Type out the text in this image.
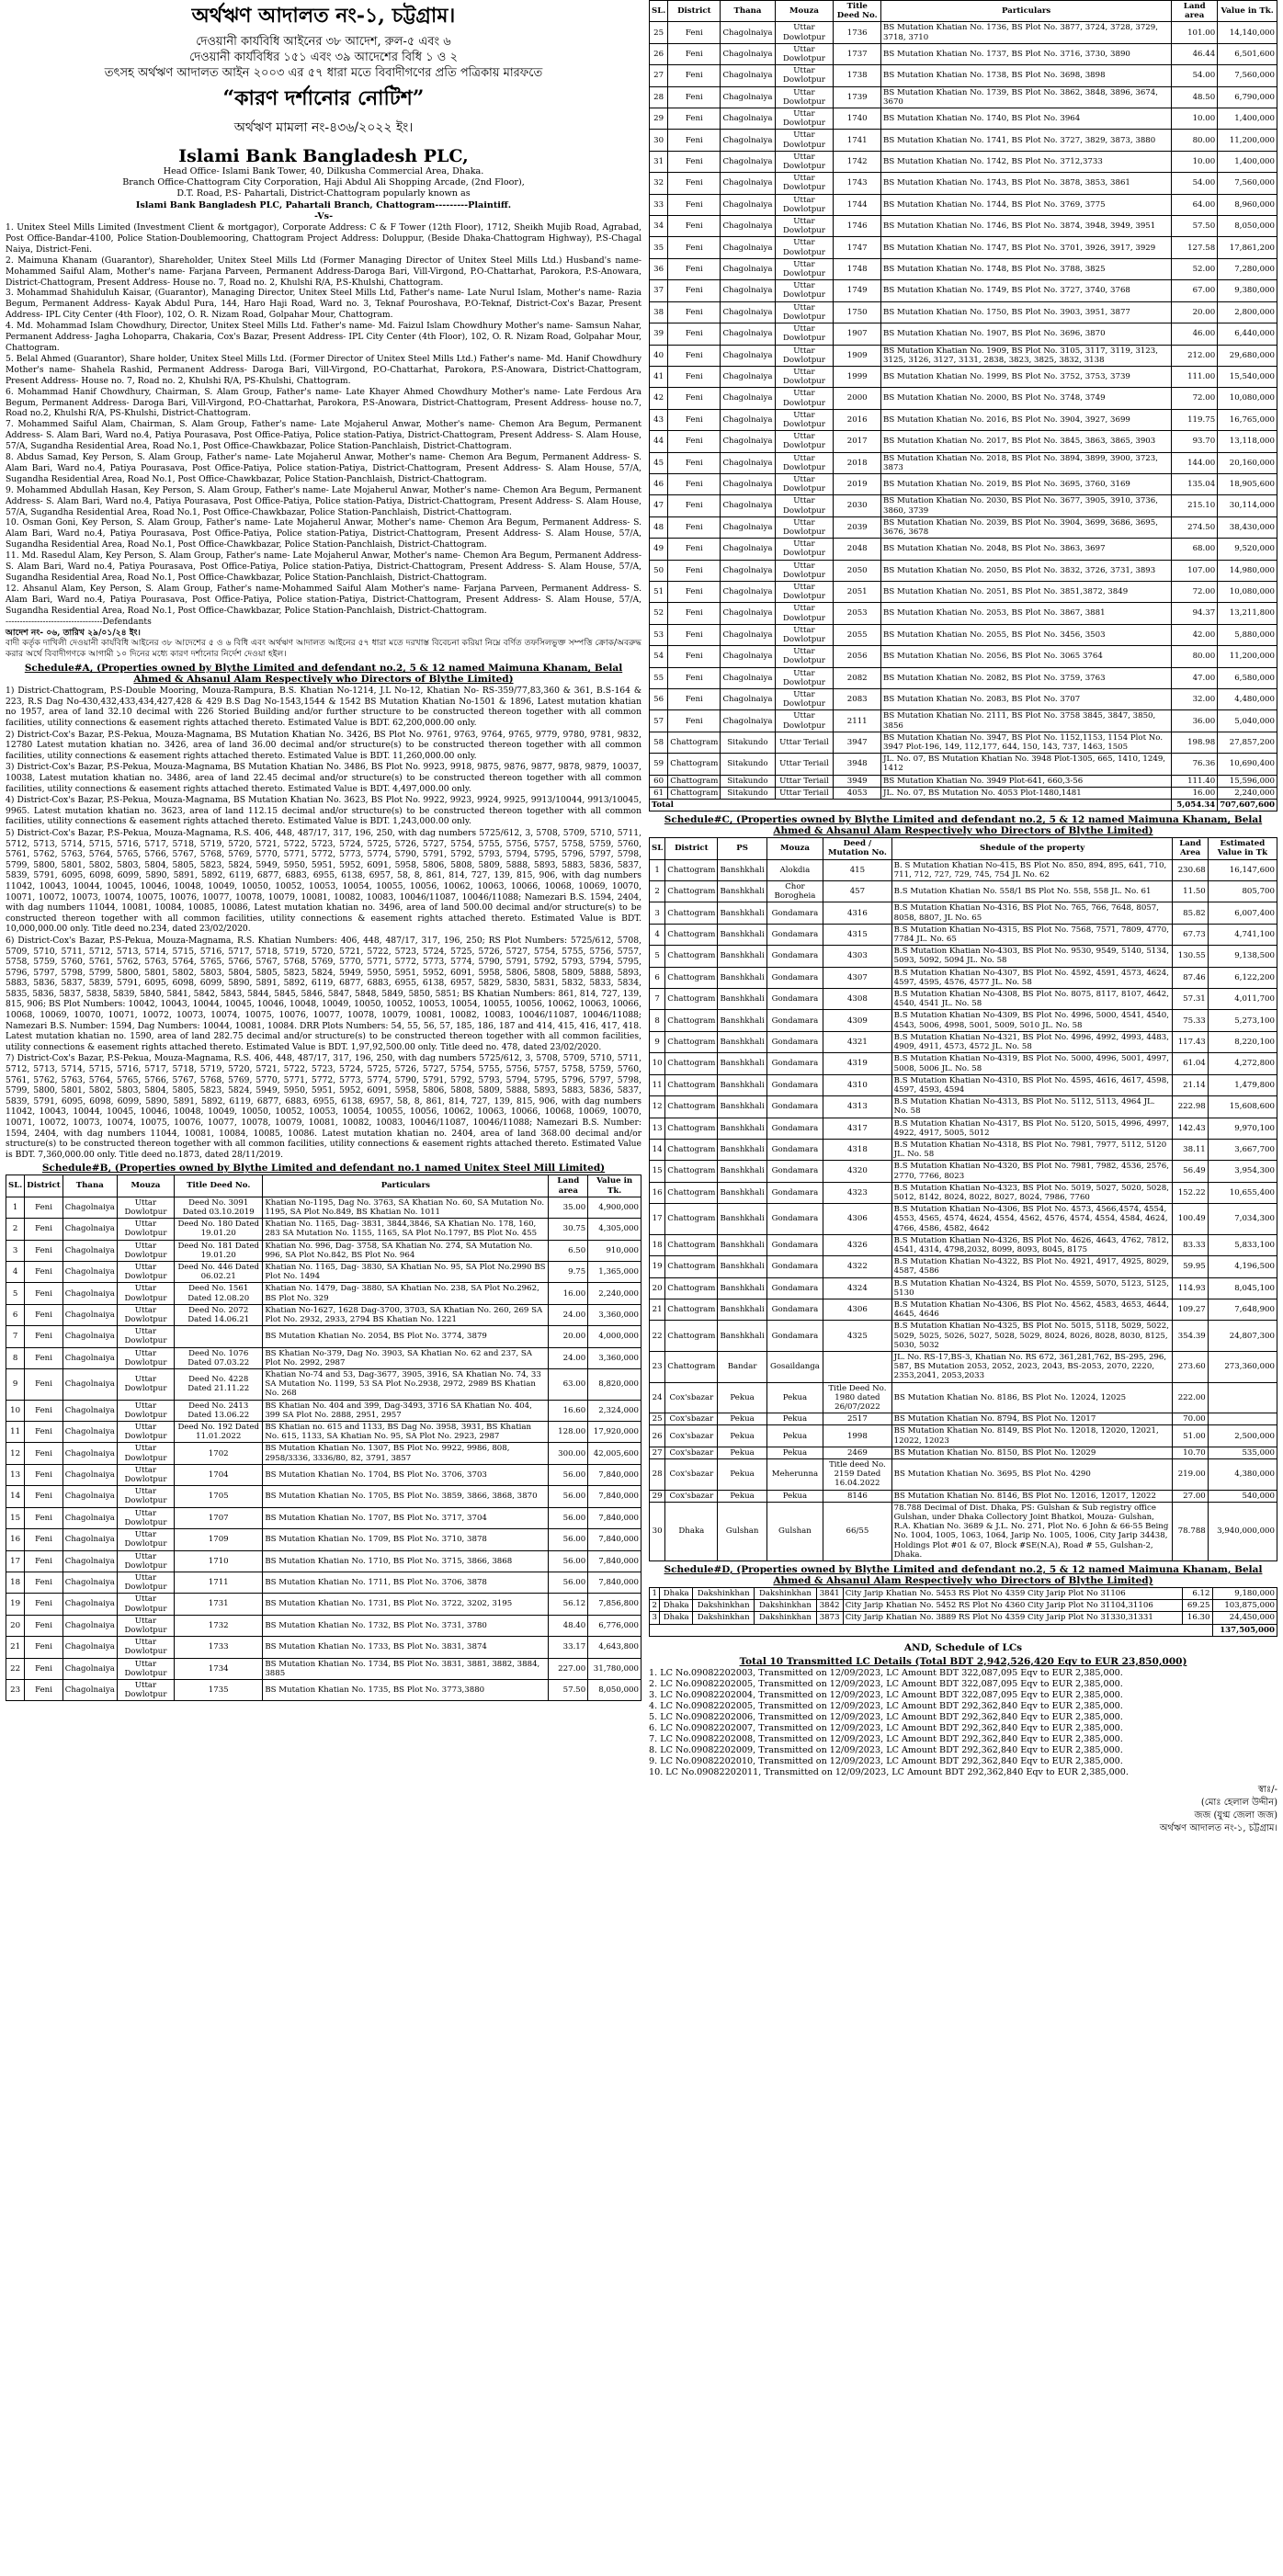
অর্থঋণ আদালত নং-১, চট্টগ্রাম।
দেওয়ানী কার্যবিধি আইনের ৩৮ আদেশ, রুল-৫ এবং ৬
দেওয়ানী কার্যবিধির ১৫১ এবং ৩৯ আদেশের বিধি ১ ও ২
তৎসহ অর্থঋণ আদালত আইন ২০০৩ এর ৫৭ ধারা মতে বিবাদীগণের প্রতি পত্রিকায় মারফতে
“কারণ দর্শানোর নোটিশ”
অর্থঋণ মামলা নং-৪৩৬/২০২২ ইং।
Islami Bank Bangladesh PLC,
Head Office- Islami Bank Tower, 40, Dilkusha Commercial Area, Dhaka.
Branch Office-Chattogram City Corporation, Haji Abdul Ali Shopping Arcade, (2nd Floor),
D.T. Road, P.S- Pahartali, District-Chattogram popularly known as
Islami Bank Bangladesh PLC, Pahartali Branch, Chattogram---------Plaintiff.
-Vs-
1. Unitex Steel Mills Limited (Investment Client & mortgagor), Corporate Address: C & F Tower (12th Floor), 1712, Sheikh Mujib Road, Agrabad, Post Office-Bandar-4100, Police Station-Doublemooring, Chattogram Project Address: Doluppur, (Beside Dhaka-Chattogram Highway), P.S-Chagal Naiya, District-Feni.
2. Maimuna Khanam (Guarantor), Shareholder, Unitex Steel Mills Ltd (Former Managing Director of Unitex Steel Mills Ltd.) Husband's name- Mohammed Saiful Alam, Mother's name- Farjana Parveen, Permanent Address-Daroga Bari, Vill-Virgond, P.O-Chattarhat, Parokora, P.S-Anowara, District-Chattogram, Present Address- House no. 7, Road no. 2, Khulshi R/A, P.S-Khulshi, Chattogram.
3. Mohammad Shahiduluh Kaisar, (Guarantor), Managing Director, Unitex Steel Mills Ltd, Father's name- Late Nurul Islam, Mother's name- Razia Begum, Permanent Address- Kayak Abdul Pura, 144, Haro Haji Road, Ward no. 3, Teknaf Pouroshava, P.O-Teknaf, District-Cox's Bazar, Present Address- IPL City Center (4th Floor), 102, O. R. Nizam Road, Golpahar Mour, Chattogram.
4. Md. Mohammad Islam Chowdhury, Director, Unitex Steel Mills Ltd. Father's name- Md. Faizul Islam Chowdhury Mother's name- Samsun Nahar, Permanent Address- Jagha Lohoparra, Chakaria, Cox's Bazar, Present Address- IPL City Center (4th Floor), 102, O. R. Nizam Road, Golpahar Mour, Chattogram.
5. Belal Ahmed (Guarantor), Share holder, Unitex Steel Mills Ltd. (Former Director of Unitex Steel Mills Ltd.) Father's name- Md. Hanif Chowdhury Mother's name- Shahela Rashid, Permanent Address- Daroga Bari, Vill-Virgond, P.O-Chattarhat, Parokora, P.S-Anowara, District-Chattogram, Present Address- House no. 7, Road no. 2, Khulshi R/A, PS-Khulshi, Chattogram.
6. Mohammad Hanif Chowdhury, Chairman, S. Alam Group, Father's name- Late Khayer Ahmed Chowdhury Mother's name- Late Ferdous Ara Begum, Permanent Address- Daroga Bari, Vill-Virgond, P.O-Chattarhat, Parokora, P.S-Anowara, District-Chattogram, Present Address- house no.7, Road no.2, Khulshi R/A, PS-Khulshi, District-Chattogram.
7. Mohammed Saiful Alam, Chairman, S. Alam Group, Father's name- Late Mojaherul Anwar, Mother's name- Chemon Ara Begum, Permanent Address- S. Alam Bari, Ward no.4, Patiya Pourasava, Post Office-Patiya, Police station-Patiya, District-Chattogram, Present Address- S. Alam House, 57/A, Sugandha Residential Area, Road No.1, Post Office-Chawkbazar, Police Station-Panchlaish, District-Chattogram.
8. Abdus Samad, Key Person, S. Alam Group, Father's name- Late Mojaherul Anwar, Mother's name- Chemon Ara Begum, Permanent Address- S. Alam Bari, Ward no.4, Patiya Pourasava, Post Office-Patiya, Police station-Patiya, District-Chattogram, Present Address- S. Alam House, 57/A, Sugandha Residential Area, Road No.1, Post Office-Chawkbazar, Police Station-Panchlaish, District-Chattogram.
9. Mohammed Abdullah Hasan, Key Person, S. Alam Group, Father's name- Late Mojaherul Anwar, Mother's name- Chemon Ara Begum, Permanent Address- S. Alam Bari, Ward no.4, Patiya Pourasava, Post Office-Patiya, Police station-Patiya, District-Chattogram, Present Address- S. Alam House, 57/A, Sugandha Residential Area, Road No.1, Post Office-Chawkbazar, Police Station-Panchlaish, District-Chattogram.
10. Osman Goni, Key Person, S. Alam Group, Father's name- Late Mojaherul Anwar, Mother's name- Chemon Ara Begum, Permanent Address- S. Alam Bari, Ward no.4, Patiya Pourasava, Post Office-Patiya, Police station-Patiya, District-Chattogram, Present Address- S. Alam House, 57/A, Sugandha Residential Area, Road No.1, Post Office-Chawkbazar, Police Station-Panchlaish, District-Chattogram.
11. Md. Rasedul Alam, Key Person, S. Alam Group, Father's name- Late Mojaherul Anwar, Mother's name- Chemon Ara Begum, Permanent Address- S. Alam Bari, Ward no.4, Patiya Pourasava, Post Office-Patiya, Police station-Patiya, District-Chattogram, Present Address- S. Alam House, 57/A, Sugandha Residential Area, Road No.1, Post Office-Chawkbazar, Police Station-Panchlaish, District-Chattogram.
12. Ahsanul Alam, Key Person, S. Alam Group, Father's name-Mohammed Saiful Alam Mother's name- Farjana Parveen, Permanent Address- S. Alam Bari, Ward no.4, Patiya Pourasava, Post Office-Patiya, Police station-Patiya, District-Chattogram, Present Address- S. Alam House, 57/A, Sugandha Residential Area, Road No.1, Post Office-Chawkbazar, Police Station-Panchlaish, District-Chattogram.
----------------------------------Defendants
আদেশ নং- ০৬, তারিখ ২৯/০১/২৪ ইং।
বাদী কর্তৃক দাখিলী দেওয়ানী কার্যবিধি আইনের ৩৮ আদেশের ৫ ও ৬ বিধি এবং অর্থঋণ আদালত আইনের ৫৭ ধারা মতে দরখাস্ত বিবেচনা করিয়া নিম্নে বর্ণিত তফসিলভুক্ত সম্পত্তি ক্রোক/অবরুদ্ধ করার অর্থে বিবাদীগণকে আগামী ১০ দিনের মধ্যে কারণ দর্শানোর নির্দেশ দেওয়া হইল।
Schedule#A, (Properties owned by Blythe Limited and defendant no.2, 5 & 12 named Maimuna Khanam, Belal Ahmed & Ahsanul Alam Respectively who Directors of Blythe Limited)

1) District-Chattogram, P.S-Double Mooring, Mouza-Rampura, B.S. Khatian No-1214, J.L No-12, Khatian No- RS-359/77,83,360 & 361, B.S-164 & 223, R.S Dag No-430,432,433,434,427,428 & 429 B.S Dag No-1543,1544 & 1542 BS Mutation Khatian No-1501 & 1896, Latest mutation khatian no 1957, area of land 32.10 decimal with 226 Storied Building and/or further structure to be constructed thereon together with all common facilities, utility connections & easement rights attached thereto. Estimated Value is BDT. 62,200,000.00 only.

2) District-Cox's Bazar, P.S-Pekua, Mouza-Magnama, BS Mutation Khatian No. 3426, BS Plot No. 9761, 9763, 9764, 9765, 9779, 9780, 9781, 9832, 12780 Latest mutation khatian no. 3426, area of land 36.00 decimal and/or structure(s) to be constructed thereon together with all common facilities, utility connections & easement rights attached thereto. Estimated Value is BDT. 11,260,000.00 only.

3) District-Cox's Bazar, P.S-Pekua, Mouza-Magnama, BS Mutation Khatian No. 3486, BS Plot No. 9923, 9918, 9875, 9876, 9877, 9878, 9879, 10037, 10038, Latest mutation khatian no. 3486, area of land 22.45 decimal and/or structure(s) to be constructed thereon together with all common facilities, utility connections & easement rights attached thereto. Estimated Value is BDT. 4,497,000.00 only.

4) District-Cox's Bazar, P.S-Pekua, Mouza-Magnama, BS Mutation Khatian No. 3623, BS Plot No. 9922, 9923, 9924, 9925, 9913/10044, 9913/10045, 9965. Latest mutation khatian no. 3623, area of land 112.15 decimal and/or structure(s) to be constructed thereon together with all common facilities, utility connections & easement rights attached thereto. Estimated Value is BDT. 1,243,000.00 only.

5) District-Cox's Bazar, P.S-Pekua, Mouza-Magnama, R.S. 406, 448, 487/17, 317, 196, 250, with dag numbers 5725/612, 3, 5708, 5709, 5710, 5711, 5712, 5713, 5714, 5715, 5716, 5717, 5718, 5719, 5720, 5721, 5722, 5723, 5724, 5725, 5726, 5727, 5754, 5755, 5756, 5757, 5758, 5759, 5760, 5761, 5762, 5763, 5764, 5765, 5766, 5767, 5768, 5769, 5770, 5771, 5772, 5773, 5774, 5790, 5791, 5792, 5793, 5794, 5795, 5796, 5797, 5798, 5799, 5800, 5801, 5802, 5803, 5804, 5805, 5823, 5824, 5949, 5950, 5951, 5952, 6091, 5958, 5806, 5808, 5809, 5888, 5893, 5883, 5836, 5837, 5839, 5791, 6095, 6098, 6099, 5890, 5891, 5892, 6119, 6877, 6883, 6955, 6138, 6957, 58, 8, 861, 814, 727, 139, 815, 906, with dag numbers 11042, 10043, 10044, 10045, 10046, 10048, 10049, 10050, 10052, 10053, 10054, 10055, 10056, 10062, 10063, 10066, 10068, 10069, 10070, 10071, 10072, 10073, 10074, 10075, 10076, 10077, 10078, 10079, 10081, 10082, 10083, 10046/11087, 10046/11088; Namezari B.S. 1594, 2404, with dag numbers 11044, 10081, 10084, 10085, 10086, Latest mutation khatian no. 3496, area of land 500.00 decimal and/or structure(s) to be constructed thereon together with all common facilities, utility connections & easement rights attached thereto. Estimated Value is BDT. 10,000,000.00 only. Title deed no.234, dated 23/02/2020.

6) District-Cox's Bazar, P.S-Pekua, Mouza-Magnama, R.S. Khatian Numbers: 406, 448, 487/17, 317, 196, 250; RS Plot Numbers: 5725/612, 5708, 5709, 5710, 5711, 5712, 5713, 5714, 5715, 5716, 5717, 5718, 5719, 5720, 5721, 5722, 5723, 5724, 5725, 5726, 5727, 5754, 5755, 5756, 5757, 5758, 5759, 5760, 5761, 5762, 5763, 5764, 5765, 5766, 5767, 5768, 5769, 5770, 5771, 5772, 5773, 5774, 5790, 5791, 5792, 5793, 5794, 5795, 5796, 5797, 5798, 5799, 5800, 5801, 5802, 5803, 5804, 5805, 5823, 5824, 5949, 5950, 5951, 5952, 6091, 5958, 5806, 5808, 5809, 5888, 5893, 5883, 5836, 5837, 5839, 5791, 6095, 6098, 6099, 5890, 5891, 5892, 6119, 6877, 6883, 6955, 6138, 6957, 5829, 5830, 5831, 5832, 5833, 5834, 5835, 5836, 5837, 5838, 5839, 5840, 5841, 5842, 5843, 5844, 5845, 5846, 5847, 5848, 5849, 5850, 5851; BS Khatian Numbers: 861, 814, 727, 139, 815, 906; BS Plot Numbers: 10042, 10043, 10044, 10045, 10046, 10048, 10049, 10050, 10052, 10053, 10054, 10055, 10056, 10062, 10063, 10066, 10068, 10069, 10070, 10071, 10072, 10073, 10074, 10075, 10076, 10077, 10078, 10079, 10081, 10082, 10083, 10046/11087, 10046/11088; Namezari B.S. Number: 1594, Dag Numbers: 10044, 10081, 10084. DRR Plots Numbers: 54, 55, 56, 57, 185, 186, 187 and 414, 415, 416, 417, 418. Latest mutation khatian no. 1590, area of land 282.75 decimal and/or structure(s) to be constructed thereon together with all common facilities, utility connections & easement rights attached thereto. Estimated Value is BDT. 1,97,92,500.00 only. Title deed no. 478, dated 23/02/2020.

7) District-Cox's Bazar, P.S-Pekua, Mouza-Magnama, R.S. 406, 448, 487/17, 317, 196, 250, with dag numbers 5725/612, 3, 5708, 5709, 5710, 5711, 5712, 5713, 5714, 5715, 5716, 5717, 5718, 5719, 5720, 5721, 5722, 5723, 5724, 5725, 5726, 5727, 5754, 5755, 5756, 5757, 5758, 5759, 5760, 5761, 5762, 5763, 5764, 5765, 5766, 5767, 5768, 5769, 5770, 5771, 5772, 5773, 5774, 5790, 5791, 5792, 5793, 5794, 5795, 5796, 5797, 5798, 5799, 5800, 5801, 5802, 5803, 5804, 5805, 5823, 5824, 5949, 5950, 5951, 5952, 6091, 5958, 5806, 5808, 5809, 5888, 5893, 5883, 5836, 5837, 5839, 5791, 6095, 6098, 6099, 5890, 5891, 5892, 6119, 6877, 6883, 6955, 6138, 6957, 58, 8, 861, 814, 727, 139, 815, 906, with dag numbers 11042, 10043, 10044, 10045, 10046, 10048, 10049, 10050, 10052, 10053, 10054, 10055, 10056, 10062, 10063, 10066, 10068, 10069, 10070, 10071, 10072, 10073, 10074, 10075, 10076, 10077, 10078, 10079, 10081, 10082, 10083, 10046/11087, 10046/11088; Namezari B.S. Number: 1594, 2404, with dag numbers 11044, 10081, 10084, 10085, 10086. Latest mutation khatian no. 2404, area of land 368.00 decimal and/or structure(s) to be constructed thereon together with all common facilities, utility connections & easement rights attached thereto. Estimated Value is BDT. 7,360,000.00 only. Title deed no.1873, dated 28/11/2019.

Schedule#B, (Properties owned by Blythe Limited and defendant no.1 named Unitex Steel Mill Limited)
SL.	District	Thana	Mouza	Title Deed No.	Particulars	Land area	Value in Tk.
1	Feni	Chagolnaiya	Uttar Dowlotpur	Deed No. 3091 Dated 03.10.2019	Khatian No-1195, Dag No. 3763, SA Khatian No. 60, SA Mutation No. 1195, SA Plot No.849, BS Khatian No. 1011	35.00	4,900,000
2	Feni	Chagolnaiya	Uttar Dowlotpur	Deed No. 180 Dated 19.01.20	Khatian No. 1165, Dag- 3831, 3844,3846, SA Khatian No. 178, 160, 283 SA Mutation No. 1155, 1165, SA Plot No.1797, BS Plot No. 455	30.75	4,305,000
3	Feni	Chagolnaiya	Uttar Dowlotpur	Deed No. 181 Dated 19.01.20	Khatian No. 996, Dag- 3758, SA Khatian No. 274, SA Mutation No. 996, SA Plot No.842, BS Plot No. 964	6.50	910,000
4	Feni	Chagolnaiya	Uttar Dowlotpur	Deed No. 446 Dated 06.02.21	Khatian No. 1165, Dag- 3830, SA Khatian No. 95, SA Plot No.2990 BS Plot No. 1494	9.75	1,365,000
5	Feni	Chagolnaiya	Uttar Dowlotpur	Deed No. 1561 Dated 12.08.20	Khatian No. 1479, Dag- 3880, SA Khatian No. 238, SA Plot No.2962, BS Plot No. 329	16.00	2,240,000
6	Feni	Chagolnaiya	Uttar Dowlotpur	Deed No. 2072 Dated 14.06.21	Khatian No-1627, 1628 Dag-3700, 3703, SA Khatian No. 260, 269 SA Plot No. 2932, 2933, 2794 BS Khatian No. 1221	24.00	3,360,000
7	Feni	Chagolnaiya	Uttar Dowlotpur		BS Mutation Khatian No. 2054, BS Plot No. 3774, 3879	20.00	4,000,000
8	Feni	Chagolnaiya	Uttar Dowlotpur	Deed No. 1076 Dated 07.03.22	BS Khatian No-379, Dag No. 3903, SA Khatian No. 62 and 237, SA Plot No. 2992, 2987	24.00	3,360,000
9	Feni	Chagolnaiya	Uttar Dowlotpur	Deed No. 4228 Dated 21.11.22	Khatian No-74 and 53, Dag-3677, 3905, 3916, SA Khatian No. 74, 33 SA Mutation No. 1199, 53 SA Plot No.2938, 2972, 2989 BS Khatian No. 268	63.00	8,820,000
10	Feni	Chagolnaiya	Uttar Dowlotpur	Deed No. 2413 Dated 13.06.22	BS Khatian No. 404 and 399, Dag-3493, 3716 SA Khatian No. 404, 399 SA Plot No. 2888, 2951, 2957	16.60	2,324,000
11	Feni	Chagolnaiya	Uttar Dowlotpur	Deed No. 192 Dated 11.01.2022	BS Khatian no. 615 and 1133, BS Dag No. 3958, 3931, BS Khatian No. 615, 1133, SA Khatian No. 95, SA Plot No. 2923, 2987	128.00	17,920,000
12	Feni	Chagolnaiya	Uttar Dowlotpur	1702	BS Mutation Khatian No. 1307, BS Plot No. 9922, 9986, 808, 2958/3336, 3336/80, 82, 3791, 3857	300.00	42,005,600
13	Feni	Chagolnaiya	Uttar Dowlotpur	1704	BS Mutation Khatian No. 1704, BS Plot No. 3706, 3703	56.00	7,840,000
14	Feni	Chagolnaiya	Uttar Dowlotpur	1705	BS Mutation Khatian No. 1705, BS Plot No. 3859, 3866, 3868, 3870	56.00	7,840,000
15	Feni	Chagolnaiya	Uttar Dowlotpur	1707	BS Mutation Khatian No. 1707, BS Plot No. 3717, 3704	56.00	7,840,000
16	Feni	Chagolnaiya	Uttar Dowlotpur	1709	BS Mutation Khatian No. 1709, BS Plot No. 3710, 3878	56.00	7,840,000
17	Feni	Chagolnaiya	Uttar Dowlotpur	1710	BS Mutation Khatian No. 1710, BS Plot No. 3715, 3866, 3868	56.00	7,840,000
18	Feni	Chagolnaiya	Uttar Dowlotpur	1711	BS Mutation Khatian No. 1711, BS Plot No. 3706, 3878	56.00	7,840,000
19	Feni	Chagolnaiya	Uttar Dowlotpur	1731	BS Mutation Khatian No. 1731, BS Plot No. 3722, 3202, 3195	56.12	7,856,800
20	Feni	Chagolnaiya	Uttar Dowlotpur	1732	BS Mutation Khatian No. 1732, BS Plot No. 3731, 3780	48.40	6,776,000
21	Feni	Chagolnaiya	Uttar Dowlotpur	1733	BS Mutation Khatian No. 1733, BS Plot No. 3831, 3874	33.17	4,643,800
22	Feni	Chagolnaiya	Uttar Dowlotpur	1734	BS Mutation Khatian No. 1734, BS Plot No. 3831, 3881, 3882, 3884, 3885	227.00	31,780,000
23	Feni	Chagolnaiya	Uttar Dowlotpur	1735	BS Mutation Khatian No. 1735, BS Plot No. 3773,3880	57.50	8,050,000
SL.	District	Thana	Mouza	Title Deed No.	Particulars	Land area	Value in Tk.
25	Feni	Chagolnaiya	Uttar Dowlotpur	1736	BS Mutation Khatian No. 1736, BS Plot No. 3877, 3724, 3728, 3729, 3718, 3710	101.00	14,140,000
26	Feni	Chagolnaiya	Uttar Dowlotpur	1737	BS Mutation Khatian No. 1737, BS Plot No. 3716, 3730, 3890	46.44	6,501,600
27	Feni	Chagolnaiya	Uttar Dowlotpur	1738	BS Mutation Khatian No. 1738, BS Plot No. 3698, 3898	54.00	7,560,000
28	Feni	Chagolnaiya	Uttar Dowlotpur	1739	BS Mutation Khatian No. 1739, BS Plot No. 3862, 3848, 3896, 3674, 3670	48.50	6,790,000
29	Feni	Chagolnaiya	Uttar Dowlotpur	1740	BS Mutation Khatian No. 1740, BS Plot No. 3964	10.00	1,400,000
30	Feni	Chagolnaiya	Uttar Dowlotpur	1741	BS Mutation Khatian No. 1741, BS Plot No. 3727, 3829, 3873, 3880	80.00	11,200,000
31	Feni	Chagolnaiya	Uttar Dowlotpur	1742	BS Mutation Khatian No. 1742, BS Plot No. 3712,3733	10.00	1,400,000
32	Feni	Chagolnaiya	Uttar Dowlotpur	1743	BS Mutation Khatian No. 1743, BS Plot No. 3878, 3853, 3861	54.00	7,560,000
33	Feni	Chagolnaiya	Uttar Dowlotpur	1744	BS Mutation Khatian No. 1744, BS Plot No. 3769, 3775	64.00	8,960,000
34	Feni	Chagolnaiya	Uttar Dowlotpur	1746	BS Mutation Khatian No. 1746, BS Plot No. 3874, 3948, 3949, 3951	57.50	8,050,000
35	Feni	Chagolnaiya	Uttar Dowlotpur	1747	BS Mutation Khatian No. 1747, BS Plot No. 3701, 3926, 3917, 3929	127.58	17,861,200
36	Feni	Chagolnaiya	Uttar Dowlotpur	1748	BS Mutation Khatian No. 1748, BS Plot No. 3788, 3825	52.00	7,280,000
37	Feni	Chagolnaiya	Uttar Dowlotpur	1749	BS Mutation Khatian No. 1749, BS Plot No. 3727, 3740, 3768	67.00	9,380,000
38	Feni	Chagolnaiya	Uttar Dowlotpur	1750	BS Mutation Khatian No. 1750, BS Plot No. 3903, 3951, 3877	20.00	2,800,000
39	Feni	Chagolnaiya	Uttar Dowlotpur	1907	BS Mutation Khatian No. 1907, BS Plot No. 3696, 3870	46.00	6,440,000
40	Feni	Chagolnaiya	Uttar Dowlotpur	1909	BS Mutation Khatian No. 1909, BS Plot No. 3105, 3117, 3119, 3123, 3125, 3126, 3127, 3131, 2838, 3823, 3825, 3832, 3138	212.00	29,680,000
41	Feni	Chagolnaiya	Uttar Dowlotpur	1999	BS Mutation Khatian No. 1999, BS Plot No. 3752, 3753, 3739	111.00	15,540,000
42	Feni	Chagolnaiya	Uttar Dowlotpur	2000	BS Mutation Khatian No. 2000, BS Plot No. 3748, 3749	72.00	10,080,000
43	Feni	Chagolnaiya	Uttar Dowlotpur	2016	BS Mutation Khatian No. 2016, BS Plot No. 3904, 3927, 3699	119.75	16,765,000
44	Feni	Chagolnaiya	Uttar Dowlotpur	2017	BS Mutation Khatian No. 2017, BS Plot No. 3845, 3863, 3865, 3903	93.70	13,118,000
45	Feni	Chagolnaiya	Uttar Dowlotpur	2018	BS Mutation Khatian No. 2018, BS Plot No. 3894, 3899, 3900, 3723, 3873	144.00	20,160,000
46	Feni	Chagolnaiya	Uttar Dowlotpur	2019	BS Mutation Khatian No. 2019, BS Plot No. 3695, 3760, 3169	135.04	18,905,600
47	Feni	Chagolnaiya	Uttar Dowlotpur	2030	BS Mutation Khatian No. 2030, BS Plot No. 3677, 3905, 3910, 3736, 3860, 3739	215.10	30,114,000
48	Feni	Chagolnaiya	Uttar Dowlotpur	2039	BS Mutation Khatian No. 2039, BS Plot No. 3904, 3699, 3686, 3695, 3676, 3678	274.50	38,430,000
49	Feni	Chagolnaiya	Uttar Dowlotpur	2048	BS Mutation Khatian No. 2048, BS Plot No. 3863, 3697	68.00	9,520,000
50	Feni	Chagolnaiya	Uttar Dowlotpur	2050	BS Mutation Khatian No. 2050, BS Plot No. 3832, 3726, 3731, 3893	107.00	14,980,000
51	Feni	Chagolnaiya	Uttar Dowlotpur	2051	BS Mutation Khatian No. 2051, BS Plot No. 3851,3872, 3849	72.00	10,080,000
52	Feni	Chagolnaiya	Uttar Dowlotpur	2053	BS Mutation Khatian No. 2053, BS Plot No. 3867, 3881	94.37	13,211,800
53	Feni	Chagolnaiya	Uttar Dowlotpur	2055	BS Mutation Khatian No. 2055, BS Plot No. 3456, 3503	42.00	5,880,000
54	Feni	Chagolnaiya	Uttar Dowlotpur	2056	BS Mutation Khatian No. 2056, BS Plot No. 3065 3764	80.00	11,200,000
55	Feni	Chagolnaiya	Uttar Dowlotpur	2082	BS Mutation Khatian No. 2082, BS Plot No. 3759, 3763	47.00	6,580,000
56	Feni	Chagolnaiya	Uttar Dowlotpur	2083	BS Mutation Khatian No. 2083, BS Plot No. 3707	32.00	4,480,000
57	Feni	Chagolnaiya	Uttar Dowlotpur	2111	BS Mutation Khatian No. 2111, BS Plot No. 3758 3845, 3847, 3850, 3856	36.00	5,040,000
58	Chattogram	Sitakundo	Uttar Teriail	3947	BS Mutation Khatian No. 3947, BS Plot No. 1152,1153, 1154 Plot No. 3947 Plot-196, 149, 112,177, 644, 150, 143, 737, 1463, 1505	198.98	27,857,200
59	Chattogram	Sitakundo	Uttar Teriail	3948	JL. No. 07, BS Mutation Khatian No. 3948 Plot-1305, 665, 1410, 1249, 1412	76.36	10,690,400
60	Chattogram	Sitakundo	Uttar Teriail	3949	BS Mutation Khatian No. 3949 Plot-641, 660,3-56	111.40	15,596,000
61	Chattogram	Sitakundo	Uttar Teriail	4053	JL. No. 07, BS Mutation No. 4053 Plot-1480,1481	16.00	2,240,000
Total						5,054.34	707,607,600
Schedule#C, (Properties owned by Blythe Limited and defendant no.2, 5 & 12 named Maimuna Khanam, Belal Ahmed & Ahsanul Alam Respectively who Directors of Blythe Limited)
SL	District	PS	Mouza	Deed / Mutation No.	Shedule of the property	Land Area	Estimated Value in Tk
1	Chattogram	Banshkhali	Alokdia	415	B. S Mutation Khatian No-415, BS Plot No. 850, 894, 895, 641, 710, 711, 712, 727, 729, 745, 754 JL No. 62	230.68	16,147,600
2	Chattogram	Banshkhali	Chor Borogheia	457	B.S Mutation Khatian No. 558/1 BS Plot No. 558, 558 JL. No. 61	11.50	805,700
3	Chattogram	Banshkhali	Gondamara	4316	B.S Mutation Khatian No-4316, BS Plot No. 765, 766, 7648, 8057, 8058, 8807, JL No. 65	85.82	6,007,400
4	Chattogram	Banshkhali	Gondamara	4315	B.S Mutation Khatian No-4315, BS Plot No. 7568, 7571, 7809, 4770, 7784 JL. No. 65	67.73	4,741,100
5	Chattogram	Banshkhali	Gondamara	4303	B.S Mutation Khatian No-4303, BS Plot No. 9530, 9549, 5140, 5134, 5093, 5092, 5094 JL. No. 58	130.55	9,138,500
6	Chattogram	Banshkhali	Gondamara	4307	B.S Mutation Khatian No-4307, BS Plot No. 4592, 4591, 4573, 4624, 4597, 4595, 4576, 4577 JL. No. 58	87.46	6,122,200
7	Chattogram	Banshkhali	Gondamara	4308	B.S Mutation Khatian No-4308, BS Plot No. 8075, 8117, 8107, 4642, 4540, 4541 JL. No. 58	57.31	4,011,700
8	Chattogram	Banshkhali	Gondamara	4309	B.S Mutation Khatian No-4309, BS Plot No. 4996, 5000, 4541, 4540, 4543, 5006, 4998, 5001, 5009, 5010 JL. No. 58	75.33	5,273,100
9	Chattogram	Banshkhali	Gondamara	4321	B.S Mutation Khatian No-4321, BS Plot No. 4996, 4992, 4993, 4483, 4909, 4911, 4573, 4572 JL. No. 58	117.43	8,220,100
10	Chattogram	Banshkhali	Gondamara	4319	B.S Mutation Khatian No-4319, BS Plot No. 5000, 4996, 5001, 4997, 5008, 5006 JL. No. 58	61.04	4,272,800
11	Chattogram	Banshkhali	Gondamara	4310	B.S Mutation Khatian No-4310, BS Plot No. 4595, 4616, 4617, 4598, 4597, 4593, 4594	21.14	1,479,800
12	Chattogram	Banshkhali	Gondamara	4313	B.S Mutation Khatian No-4313, BS Plot No. 5112, 5113, 4964 JL. No. 58	222.98	15,608,600
13	Chattogram	Banshkhali	Gondamara	4317	B.S Mutation Khatian No-4317, BS Plot No. 5120, 5015, 4996, 4997, 4922, 4917, 5005, 5012	142.43	9,970,100
14	Chattogram	Banshkhali	Gondamara	4318	B.S Mutation Khatian No-4318, BS Plot No. 7981, 7977, 5112, 5120 JL. No. 58	38.11	3,667,700
15	Chattogram	Banshkhali	Gondamara	4320	B.S Mutation Khatian No-4320, BS Plot No. 7981, 7982, 4536, 2576, 2770, 7766, 8023	56.49	3,954,300
16	Chattogram	Banshkhali	Gondamara	4323	B.S Mutation Khatian No-4323, BS Plot No. 5019, 5027, 5020, 5028, 5012, 8142, 8024, 8022, 8027, 8024, 7986, 7760	152.22	10,655,400
17	Chattogram	Banshkhali	Gondamara	4306	B.S Mutation Khatian No-4306, BS Plot No. 4573, 4566,4574, 4554, 4553, 4565, 4574, 4624, 4554, 4562, 4576, 4574, 4554, 4584, 4624, 4766, 4586, 4582, 4642	100.49	7,034,300
18	Chattogram	Banshkhali	Gondamara	4326	B.S Mutation Khatian No-4326, BS Plot No. 4626, 4643, 4762, 7812, 4541, 4314, 4798,2032, 8099, 8093, 8045, 8175	83.33	5,833,100
19	Chattogram	Banshkhali	Gondamara	4322	B.S Mutation Khatian No-4322, BS Plot No. 4921, 4917, 4925, 8029, 4587, 4586	59.95	4,196,500
20	Chattogram	Banshkhali	Gondamara	4324	B.S Mutation Khatian No-4324, BS Plot No. 4559, 5070, 5123, 5125, 5130	114.93	8,045,100
21	Chattogram	Banshkhali	Gondamara	4306	B.S Mutation Khatian No-4306, BS Plot No. 4562, 4583, 4653, 4644, 4645, 4646	109.27	7,648,900
22	Chattogram	Banshkhali	Gondamara	4325	B.S Mutation Khatian No-4325, BS Plot No. 5015, 5118, 5029, 5022, 5029, 5025, 5026, 5027, 5028, 5029, 8024, 8026, 8028, 8030, 8125, 5030, 5032	354.39	24,807,300
23	Chattogram	Bandar	Gosaildanga		JL. No. RS-17,BS-3, Khatian No. RS 672, 361,281,762, BS-295, 296, 587, BS Mutation 2053, 2052, 2023, 2043, BS-2053, 2070, 2220, 2353,2041, 2053,2033	273.60	273,360,000
24	Cox'sbazar	Pekua	Pekua	Title Deed No. 1980 dated 26/07/2022	BS Mutation Khatian No. 8186, BS Plot No. 12024, 12025	222.00	
25	Cox'sbazar	Pekua	Pekua	2517	BS Mutation Khatian No. 8794, BS Plot No. 12017	70.00	
26	Cox'sbazar	Pekua	Pekua	1998	BS Mutation Khatian No. 8149, BS Plot No. 12018, 12020, 12021, 12022, 12023	51.00	2,500,000
27	Cox'sbazar	Pekua	Pekua	2469	BS Mutation Khatian No. 8150, BS Plot No. 12029	10.70	535,000
28	Cox'sbazar	Pekua	Meherunna	Title deed No. 2159 Dated 16.04.2022	BS Mutation Khatian No. 3695, BS Plot No. 4290	219.00	4,380,000
29	Cox'sbazar	Pekua	Pekua	8146	BS Mutation Khatian No. 8146, BS Plot No. 12016, 12017, 12022	27.00	540,000
30	Dhaka	Gulshan	Gulshan	66/55	78.788 Decimal of Dist. Dhaka, PS: Gulshan & Sub registry office Gulshan, under Dhaka Collectory Joint Bhatkoi, Mouza- Gulshan, R.A. Khatian No. 3689 & J.L. No. 271, Plot No. 6 John & 66-55 Being No. 1004, 1005, 1063, 1064, Jarip No. 1005, 1006, City Jarip 34438, Holdings Plot #01 & 07, Block #SE(N.A), Road # 55, Gulshan-2, Dhaka.	78.788	3,940,000,000
Schedule#D, (Properties owned by Blythe Limited and defendant no.2, 5 & 12 named Maimuna Khanam, Belal Ahmed & Ahsanul Alam Respectively who Directors of Blythe Limited)
1	Dhaka	Dakshinkhan	Dakshinkhan	3841	City Jarip Khatian No. 5453 RS Plot No 4359 City Jarip Plot No 31106	6.12	9,180,000
2	Dhaka	Dakshinkhan	Dakshinkhan	3842	City Jarip Khatian No. 5452 RS Plot No 4360 City Jarip Plot No 31104,31106	69.25	103,875,000
3	Dhaka	Dakshinkhan	Dakshinkhan	3873	City Jarip Khatian No. 3889 RS Plot No 4359 City Jarip Plot No 31330,31331	16.30	24,450,000
							137,505,000
AND, Schedule of LCs
Total 10 Transmitted LC Details (Total BDT 2,942,526,420 Eqv to EUR 23,850,000)
1. LC No.09082202003, Transmitted on 12/09/2023, LC Amount BDT 322,087,095 Eqv to EUR 2,385,000.
2. LC No.09082202005, Transmitted on 12/09/2023, LC Amount BDT 322,087,095 Eqv to EUR 2,385,000.
3. LC No.09082202004, Transmitted on 12/09/2023, LC Amount BDT 322,087,095 Eqv to EUR 2,385,000.
4. LC No.09082202005, Transmitted on 12/09/2023, LC Amount BDT 292,362,840 Eqv to EUR 2,385,000.
5. LC No.09082202006, Transmitted on 12/09/2023, LC Amount BDT 292,362,840 Eqv to EUR 2,385,000.
6. LC No.09082202007, Transmitted on 12/09/2023, LC Amount BDT 292,362,840 Eqv to EUR 2,385,000.
7. LC No.09082202008, Transmitted on 12/09/2023, LC Amount BDT 292,362,840 Eqv to EUR 2,385,000.
8. LC No.09082202009, Transmitted on 12/09/2023, LC Amount BDT 292,362,840 Eqv to EUR 2,385,000.
9. LC No.09082202010, Transmitted on 12/09/2023, LC Amount BDT 292,362,840 Eqv to EUR 2,385,000.
10. LC No.09082202011, Transmitted on 12/09/2023, LC Amount BDT 292,362,840 Eqv to EUR 2,385,000.
স্বাঃ/-
(মোঃ হেলাল উদ্দীন)
জজ (যুগ্ম জেলা জজ)
অর্থঋণ আদালত নং-১, চট্টগ্রাম।
